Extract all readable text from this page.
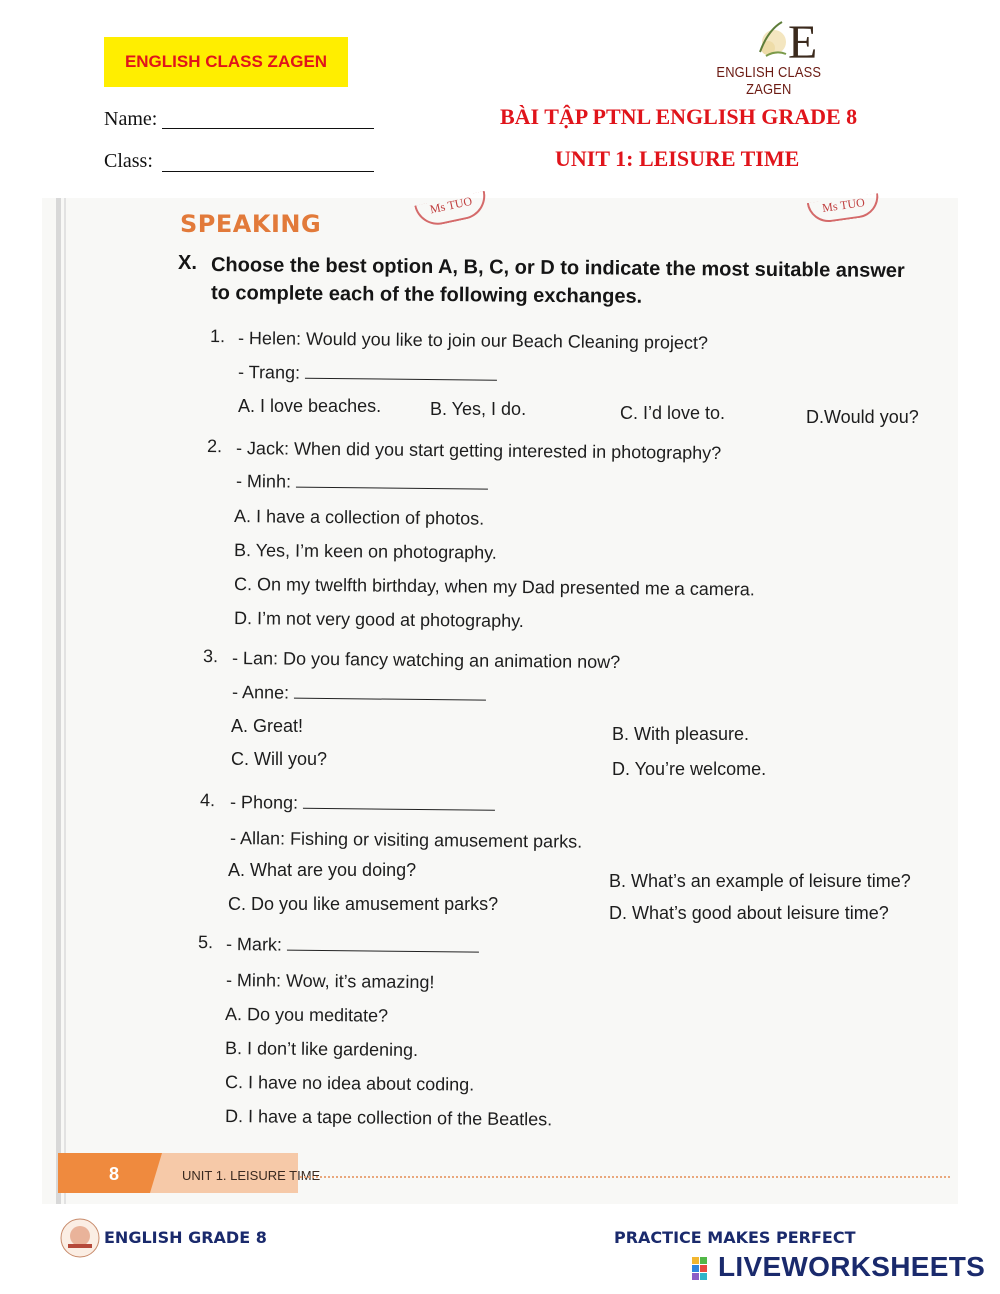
ENGLISH CLASS ZAGEN	E
ENGLISH CLASS ZAGEN
Name:
Class:
BÀI TẬP PTNL ENGLISH GRADE 8
UNIT 1: LEISURE TIME
Ms TUO	Ms TUO
SPEAKING
X. Choose the best option A, B, C, or D to indicate the most suitable answer
to complete each of the following exchanges.
1. - Helen: Would you like to join our Beach Cleaning project?
- Trang:
A. I love beaches.	B. Yes, I do.	C. I’d love to.	D.Would you?
2. - Jack: When did you start getting interested in photography?
- Minh:
A. I have a collection of photos.
B. Yes, I’m keen on photography.
C. On my twelfth birthday, when my Dad presented me a camera.
D. I’m not very good at photography.
3. - Lan: Do you fancy watching an animation now?
- Anne:
A. Great!	B. With pleasure.
C. Will you?	D. You’re welcome.
4. - Phong:
- Allan: Fishing or visiting amusement parks.
A. What are you doing?
B. What’s an example of leisure time?
C. Do you like amusement parks?	D. What’s good about leisure time?
5. - Mark:
- Minh: Wow, it’s amazing!
A. Do you meditate?
B. I don’t like gardening.
C. I have no idea about coding.
D. I have a tape collection of the Beatles.
8	UNIT 1. LEISURE TIME
ENGLISH GRADE 8	PRACTICE MAKES PERFECT
LIVEWORKSHEETS
